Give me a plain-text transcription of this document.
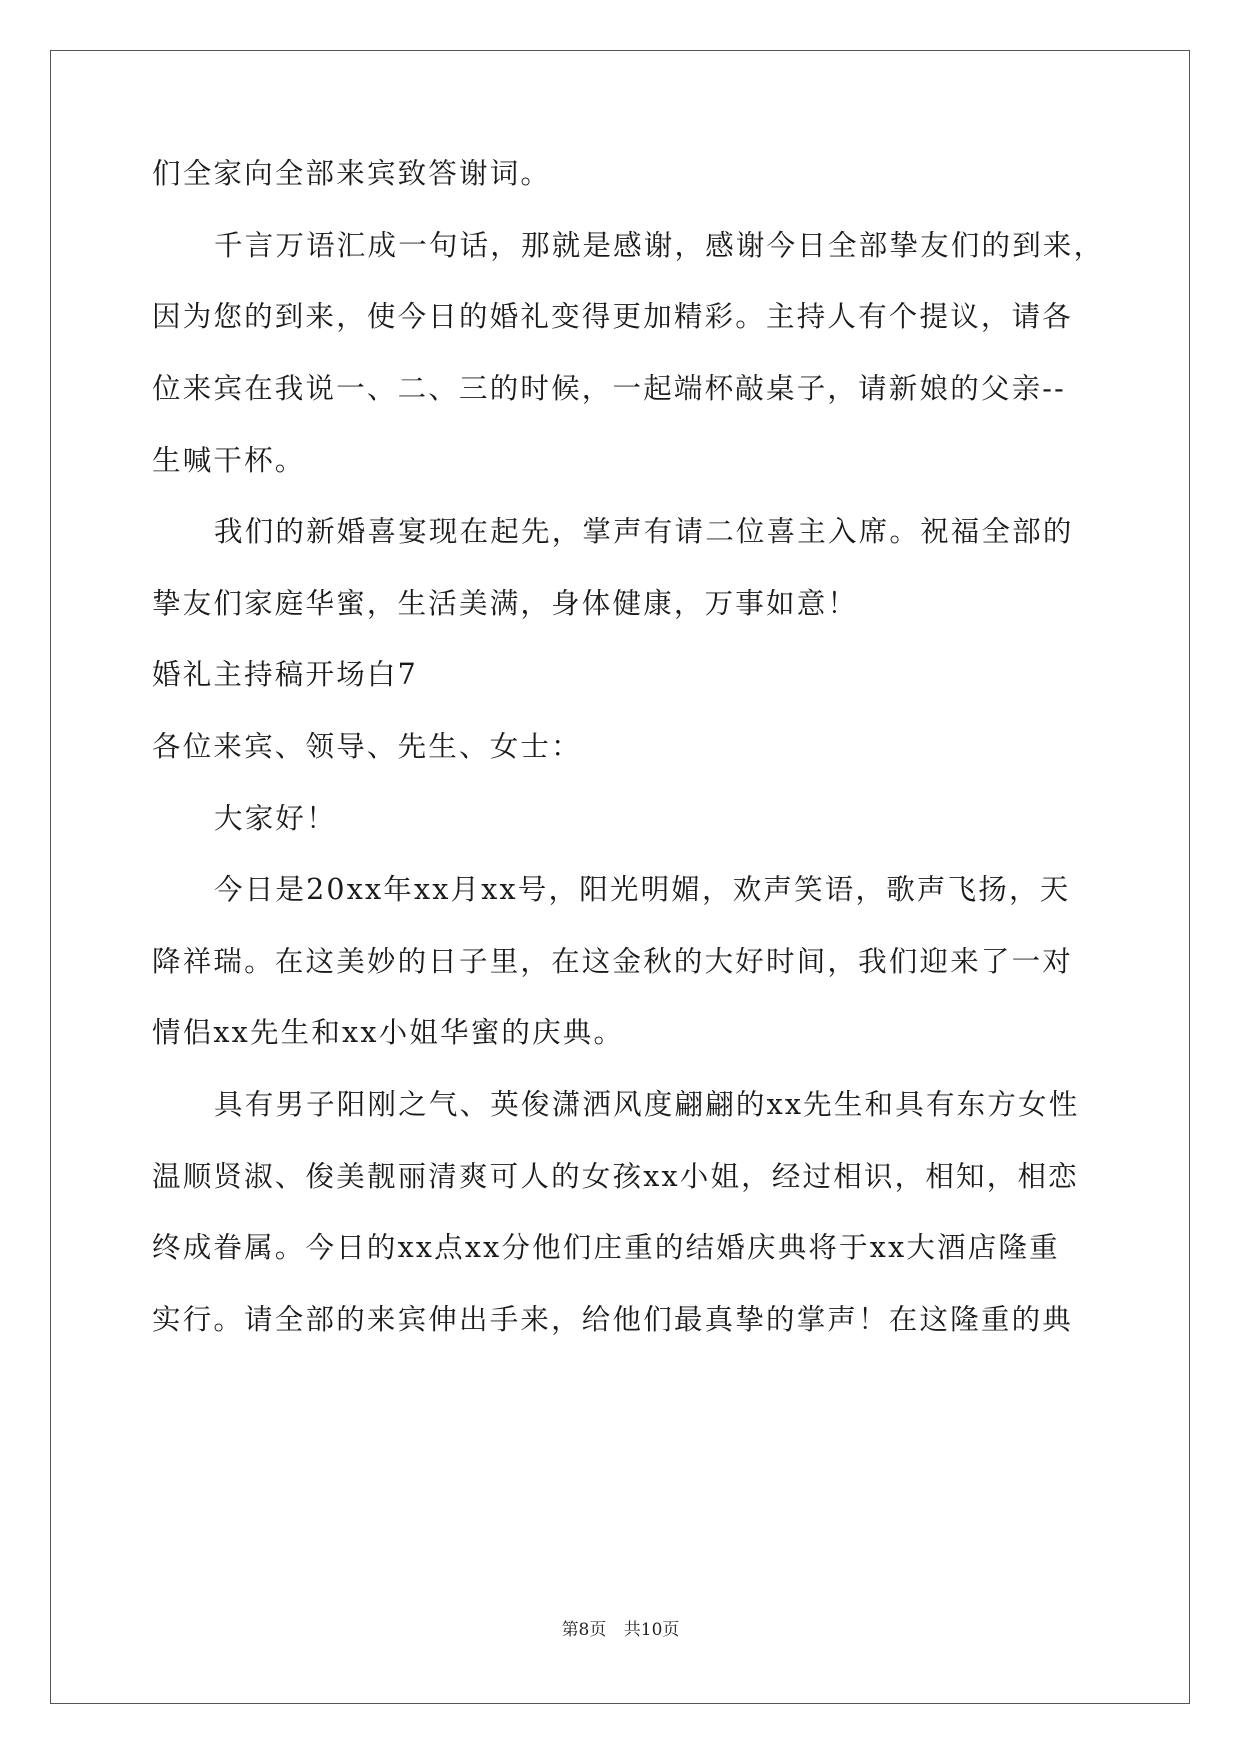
们全家向全部来宾致答谢词。
千言万语汇成一句话，那就是感谢，感谢今日全部挚友们的到来，
因为您的到来，使今日的婚礼变得更加精彩。主持人有个提议，请各
位来宾在我说一、二、三的时候，一起端杯敲桌子，请新娘的父亲--
生喊干杯。
我们的新婚喜宴现在起先，掌声有请二位喜主入席。祝福全部的
挚友们家庭华蜜，生活美满，身体健康，万事如意！
婚礼主持稿开场白7
各位来宾、领导、先生、女士：
大家好！
今日是20xx年xx月xx号，阳光明媚，欢声笑语，歌声飞扬，天
降祥瑞。在这美妙的日子里，在这金秋的大好时间，我们迎来了一对
情侣xx先生和xx小姐华蜜的庆典。
具有男子阳刚之气、英俊潇洒风度翩翩的xx先生和具有东方女性
温顺贤淑、俊美靓丽清爽可人的女孩xx小姐，经过相识，相知，相恋
终成眷属。今日的xx点xx分他们庄重的结婚庆典将于xx大酒店隆重
实行。请全部的来宾伸出手来，给他们最真挚的掌声！在这隆重的典
第8页 共10页
